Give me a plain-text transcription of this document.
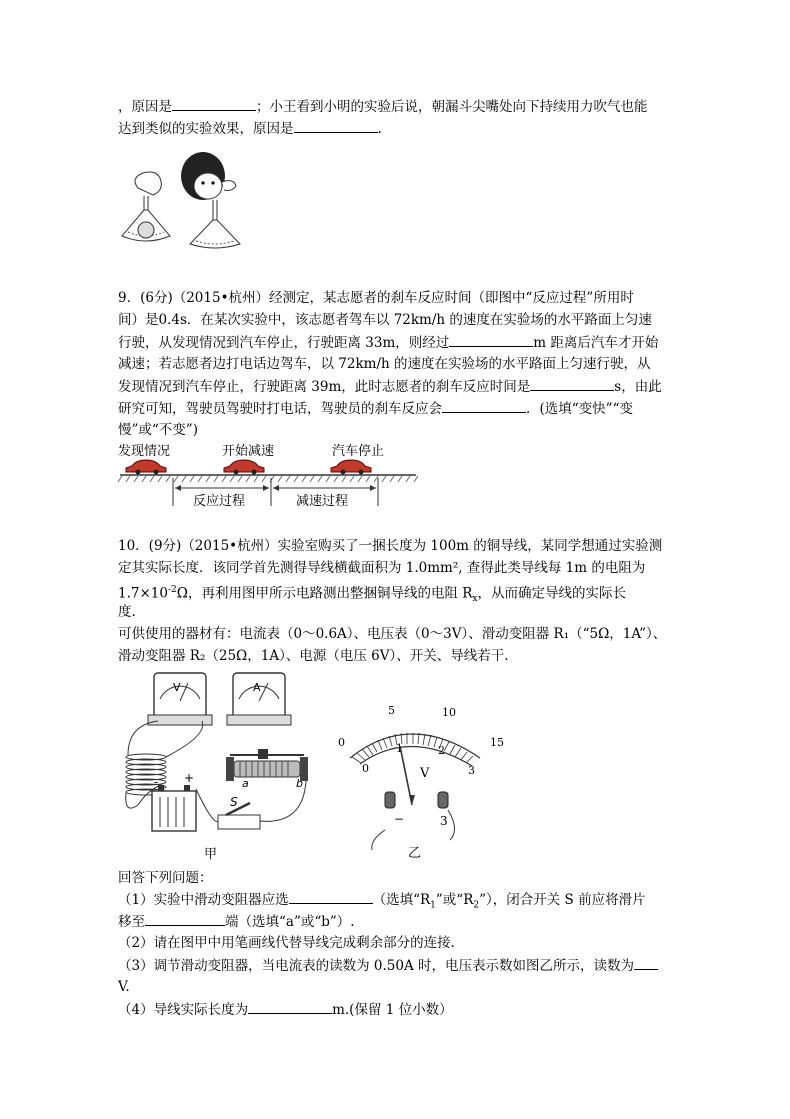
，原因是	；小王看到小明的实验后说，朝漏斗尖嘴处向下持续用力吹气也能
达到类似的实验效果，原因是	.
9．(6分)（2015•杭州）经测定，某志愿者的刹车反应时间（即图中“反应过程”所用时
间）是0.4s．在某次实验中，该志愿者驾车以 72km/h 的速度在实验场的水平路面上匀速
行驶，从发现情况到汽车停止，行驶距离 33m，则经过	m 距离后汽车才开始
减速；若志愿者边打电话边驾车，以 72km/h 的速度在实验场的水平路面上匀速行驶，从
发现情况到汽车停止，行驶距离 39m，此时志愿者的刹车反应时间是	s，由此
研究可知，驾驶员驾驶时打电话，驾驶员的刹车反应会	．(选填“变快”“变
慢”或“不变”)
发现情况	开始减速	汽车停止
反应过程	减速过程
10．(9分)（2015•杭州）实验室购买了一捆长度为 100m 的铜导线，某同学想通过实验测
定其实际长度．该同学首先测得导线横截面积为 1.0mm², 查得此类导线每 1m 的电阻为
$1.7\times 10^{-2}\Omega$，再利用图甲所示电路测出整捆铜导线的电阻 $R_x$，从而确定导线的实际长
度.
可供使用的器材有：电流表（0～0.6A）、电压表（0～3V）、滑动变阻器 R₁（“5Ω，1A”）、
滑动变阻器 R₂（25Ω，1A）、电源（电压 6V）、开关、导线若干.
V	A
- +
S
a	b
甲
0
5	10
15
0
1	2
3
V
−	3
乙
回答下列问题：
（1）实验中滑动变阻器应选	（选填“$R_1$”或“$R_2$”），闭合开关 S 前应将滑片
移至	端（选填“a”或“b”）.
（2）请在图甲中用笔画线代替导线完成剩余部分的连接.
（3）调节滑动变阻器，当电流表的读数为 0.50A 时，电压表示数如图乙所示，读数为
V.
（4）导线实际长度为	m.(保留 1 位小数）
